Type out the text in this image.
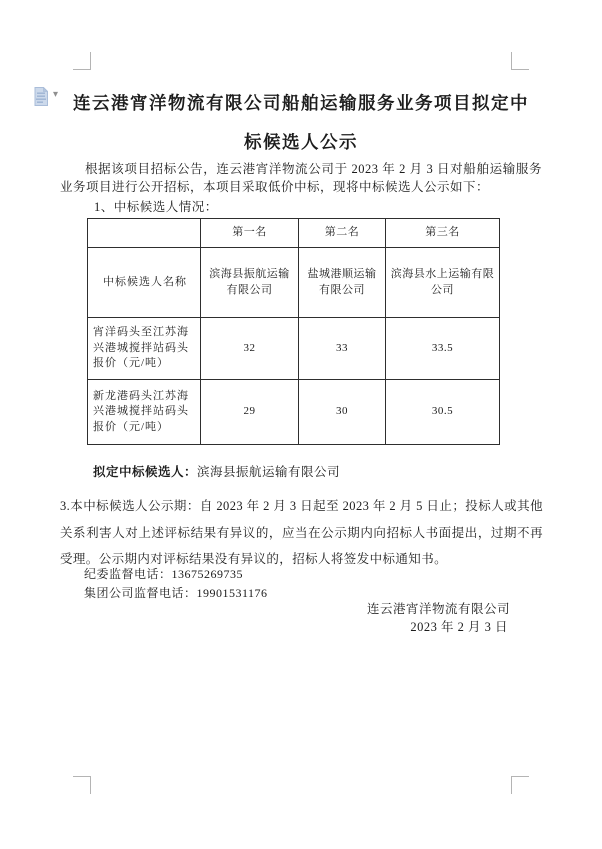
▾ 连云港宵洋物流有限公司船舶运输服务业务项目拟定中标候选人公示
根据该项目招标公告，连云港宵洋物流公司于 2023 年 2 月 3 日对船舶运输服务业务项目进行公开招标，本项目采取低价中标，现将中标候选人公示如下：
1、中标候选人情况：
	第一名	第二名	第三名
中标候选人名称	滨海县振航运输有限公司	盐城港顺运输有限公司	滨海县水上运输有限公司
宵洋码头至江苏海兴港城搅拌站码头报价（元/吨）	32	33	33.5
新龙港码头江苏海兴港城搅拌站码头报价（元/吨）	29	30	30.5
拟定中标候选人：滨海县振航运输有限公司
3.本中标候选人公示期：自 2023 年 2 月 3 日起至 2023 年 2 月 5 日止；投标人或其他关系利害人对上述评标结果有异议的，应当在公示期内向招标人书面提出，过期不再受理。公示期内对评标结果没有异议的，招标人将签发中标通知书。
纪委监督电话：13675269735
集团公司监督电话：19901531176
连云港宵洋物流有限公司
2023 年 2 月 3 日
